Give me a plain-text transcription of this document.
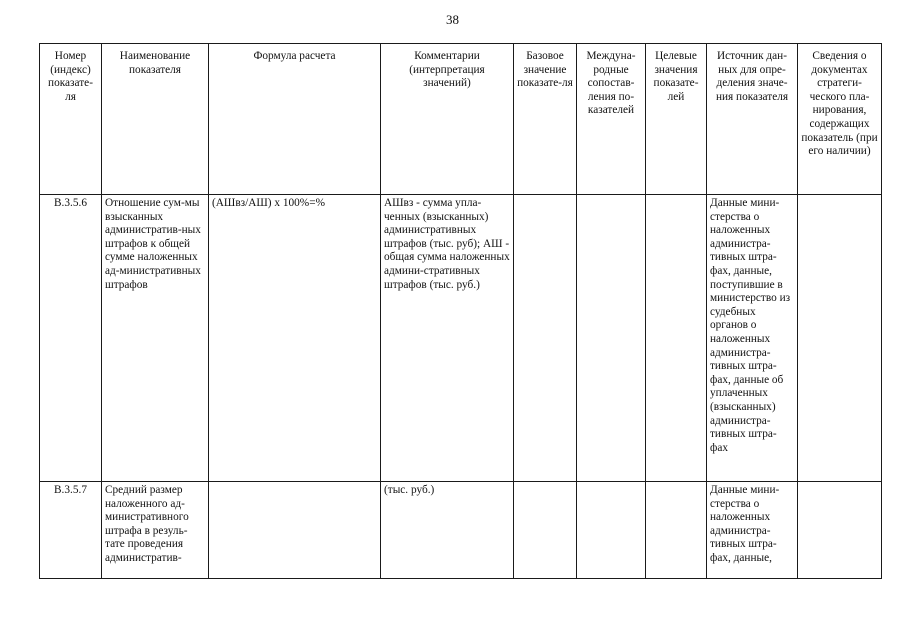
38
Номер (индекс) показате-ля	Наименование показателя	Формула расчета	Комментарии (интерпретация значений)	Базовое значение показате-ля	Междуна-родные сопостав-ления по-казателей	Целевые значения показате-лей	Источник дан-ных для опре-деления значе-ния показателя	Сведения о документах стратеги-ческого пла-нирования, содержащих показатель (при его наличии)
В.3.5.6	Отношение сум-мы взысканных административ-ных штрафов к общей сумме наложенных ад-министративных штрафов	(АШвз/АШ) х 100%=%	АШвз - сумма упла-ченных (взысканных) административных штрафов (тыс. руб); АШ - общая сумма наложенных админи-стративных штрафов (тыс. руб.)				Данные мини-стерства о наложенных администра-тивных штра-фах, данные, поступившие в министерство из судебных органов о наложенных администра-тивных штра-фах, данные об уплаченных (взысканных) администра-тивных штра-фах	
В.3.5.7	Средний размер наложенного ад-министративного штрафа в резуль-тате проведения административ-		(тыс. руб.)				Данные мини-стерства о наложенных администра-тивных штра-фах, данные,	
